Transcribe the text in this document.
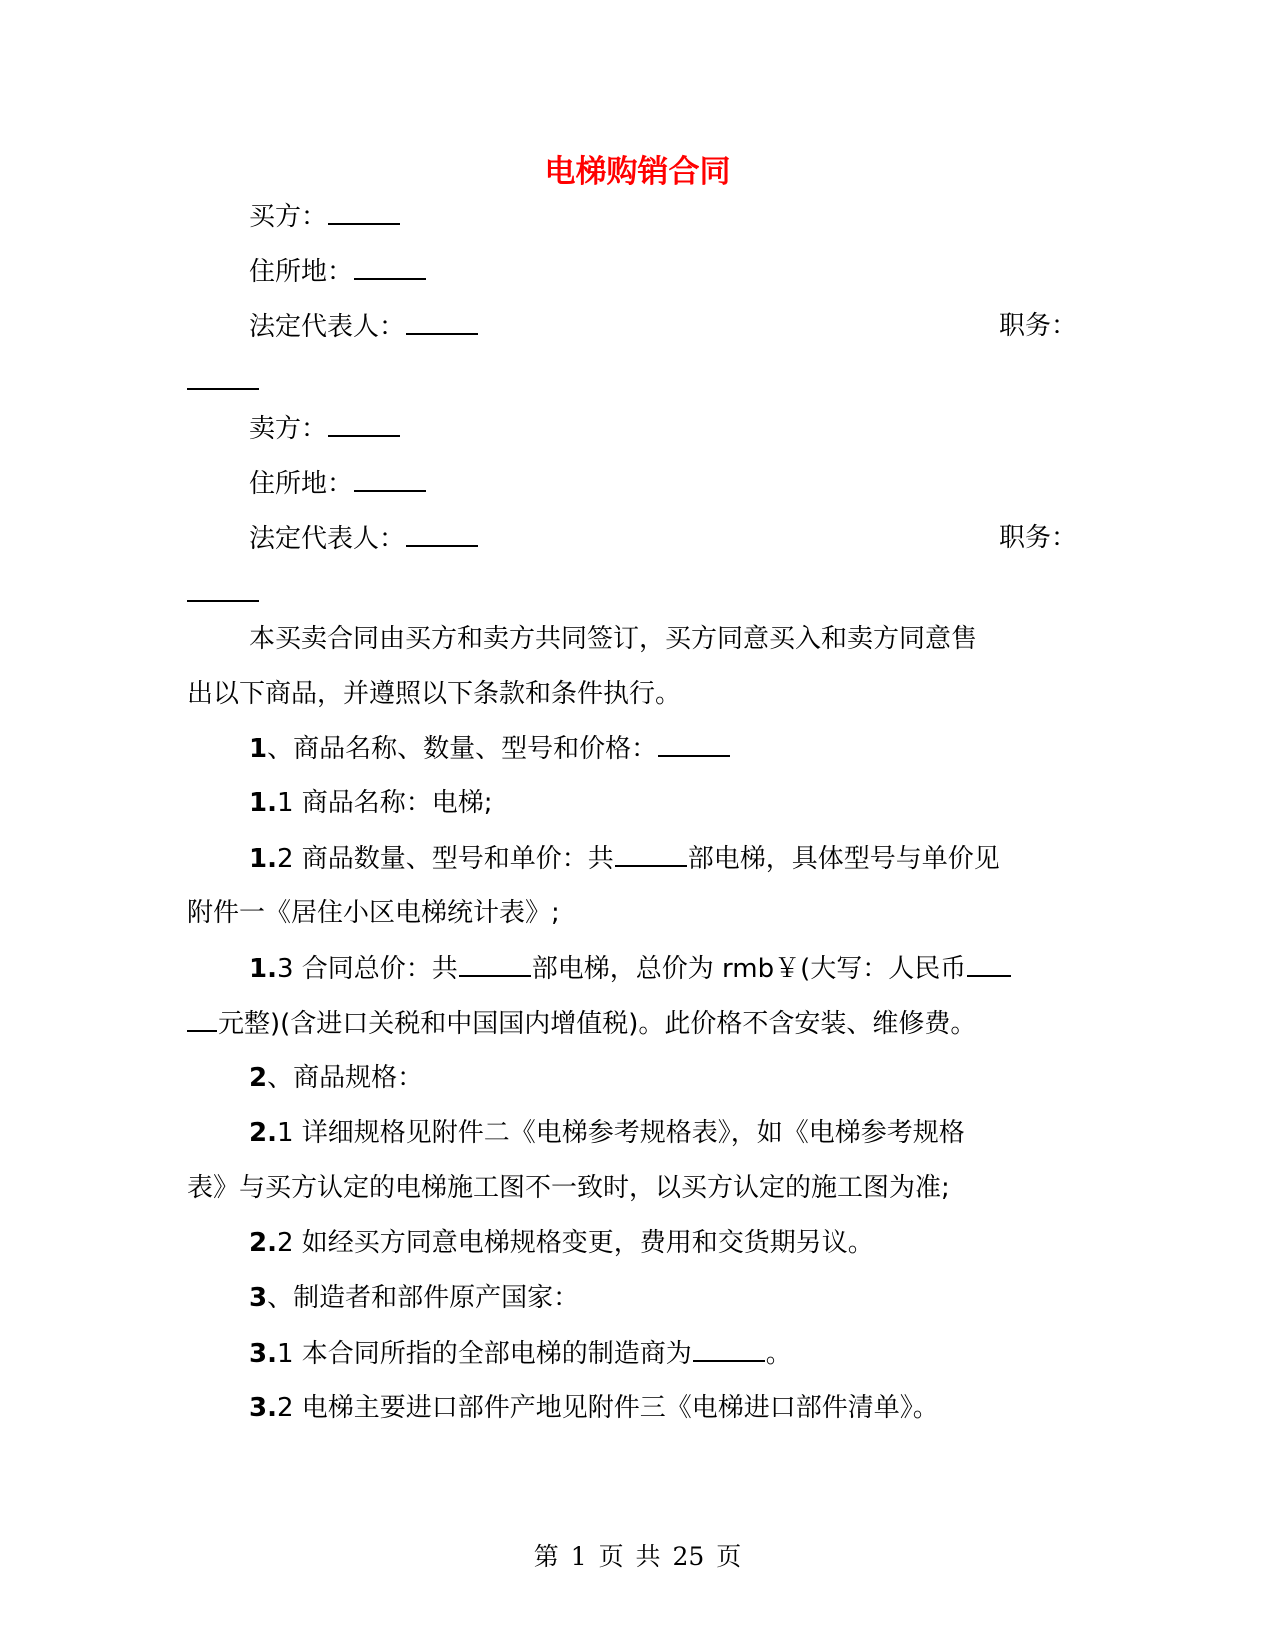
电梯购销合同
买方：
住所地：
法定代表人：	职务：
卖方：
住所地：
法定代表人：	职务：
本买卖合同由买方和卖方共同签订，买方同意买入和卖方同意售
出以下商品，并遵照以下条款和条件执行。
1、商品名称、数量、型号和价格：
1.1 商品名称：电梯;
1.2 商品数量、型号和单价：共	部电梯，具体型号与单价见
附件一《居住小区电梯统计表》;
1.3 合同总价：共	部电梯，总价为 rmb￥(大写：人民币
元整)(含进口关税和中国国内增值税)。此价格不含安装、维修费。
2、商品规格：
2.1 详细规格见附件二《电梯参考规格表》，如《电梯参考规格
表》与买方认定的电梯施工图不一致时，以买方认定的施工图为准;
2.2 如经买方同意电梯规格变更，费用和交货期另议。
3、制造者和部件原产国家：
3.1 本合同所指的全部电梯的制造商为	。
3.2 电梯主要进口部件产地见附件三《电梯进口部件清单》。
第 1 页 共 25 页
